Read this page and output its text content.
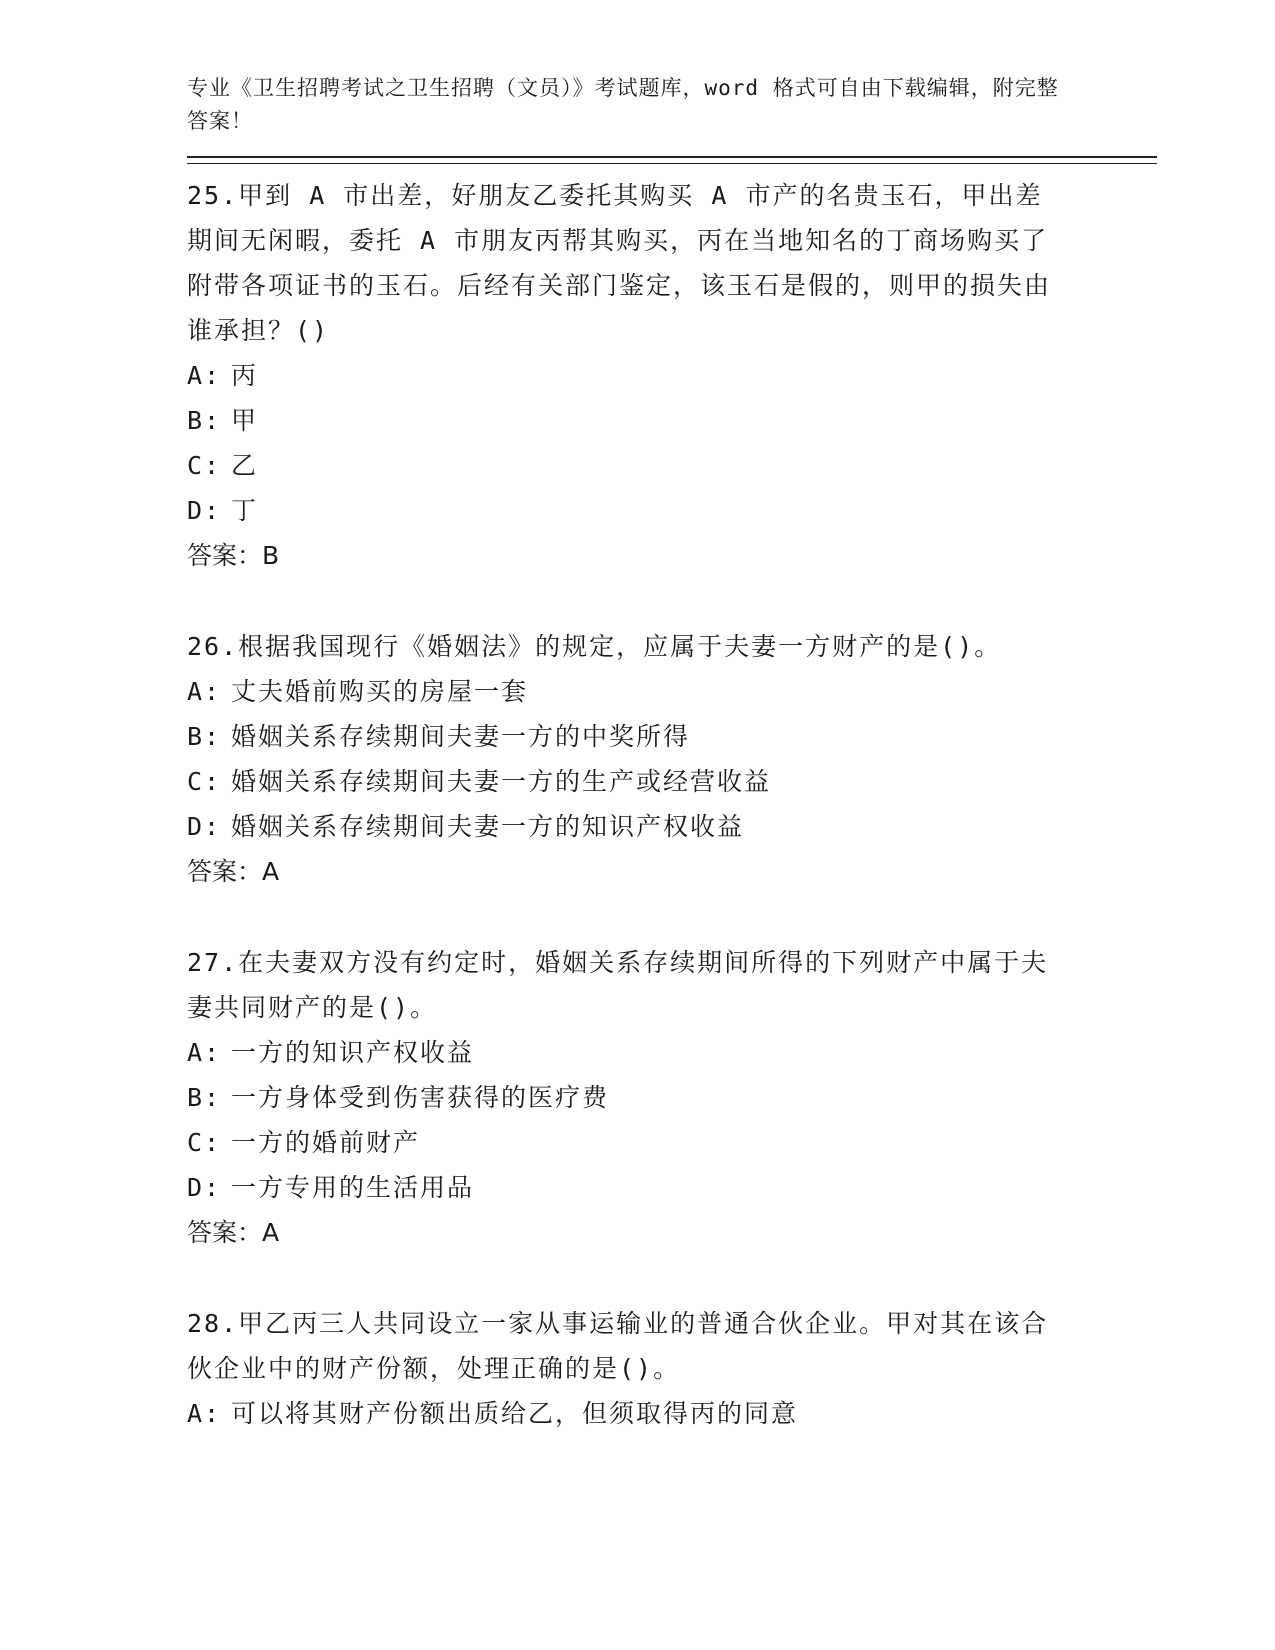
专业《卫生招聘考试之卫生招聘（文员）》考试题库，word 格式可自由下载编辑，附完整答案！

25.甲到 A 市出差，好朋友乙委托其购买 A 市产的名贵玉石，甲出差期间无闲暇，委托 A 市朋友丙帮其购买，丙在当地知名的丁商场购买了附带各项证书的玉石。后经有关部门鉴定，该玉石是假的，则甲的损失由谁承担？()

A: 丙
B: 甲
C: 乙
D: 丁
答案：B

26.根据我国现行《婚姻法》的规定，应属于夫妻一方财产的是()。

A: 丈夫婚前购买的房屋一套
B: 婚姻关系存续期间夫妻一方的中奖所得
C: 婚姻关系存续期间夫妻一方的生产或经营收益
D: 婚姻关系存续期间夫妻一方的知识产权收益
答案：A

27.在夫妻双方没有约定时，婚姻关系存续期间所得的下列财产中属于夫妻共同财产的是()。

A: 一方的知识产权收益
B: 一方身体受到伤害获得的医疗费
C: 一方的婚前财产
D: 一方专用的生活用品
答案：A

28.甲乙丙三人共同设立一家从事运输业的普通合伙企业。甲对其在该合伙企业中的财产份额，处理正确的是()。

A: 可以将其财产份额出质给乙，但须取得丙的同意
